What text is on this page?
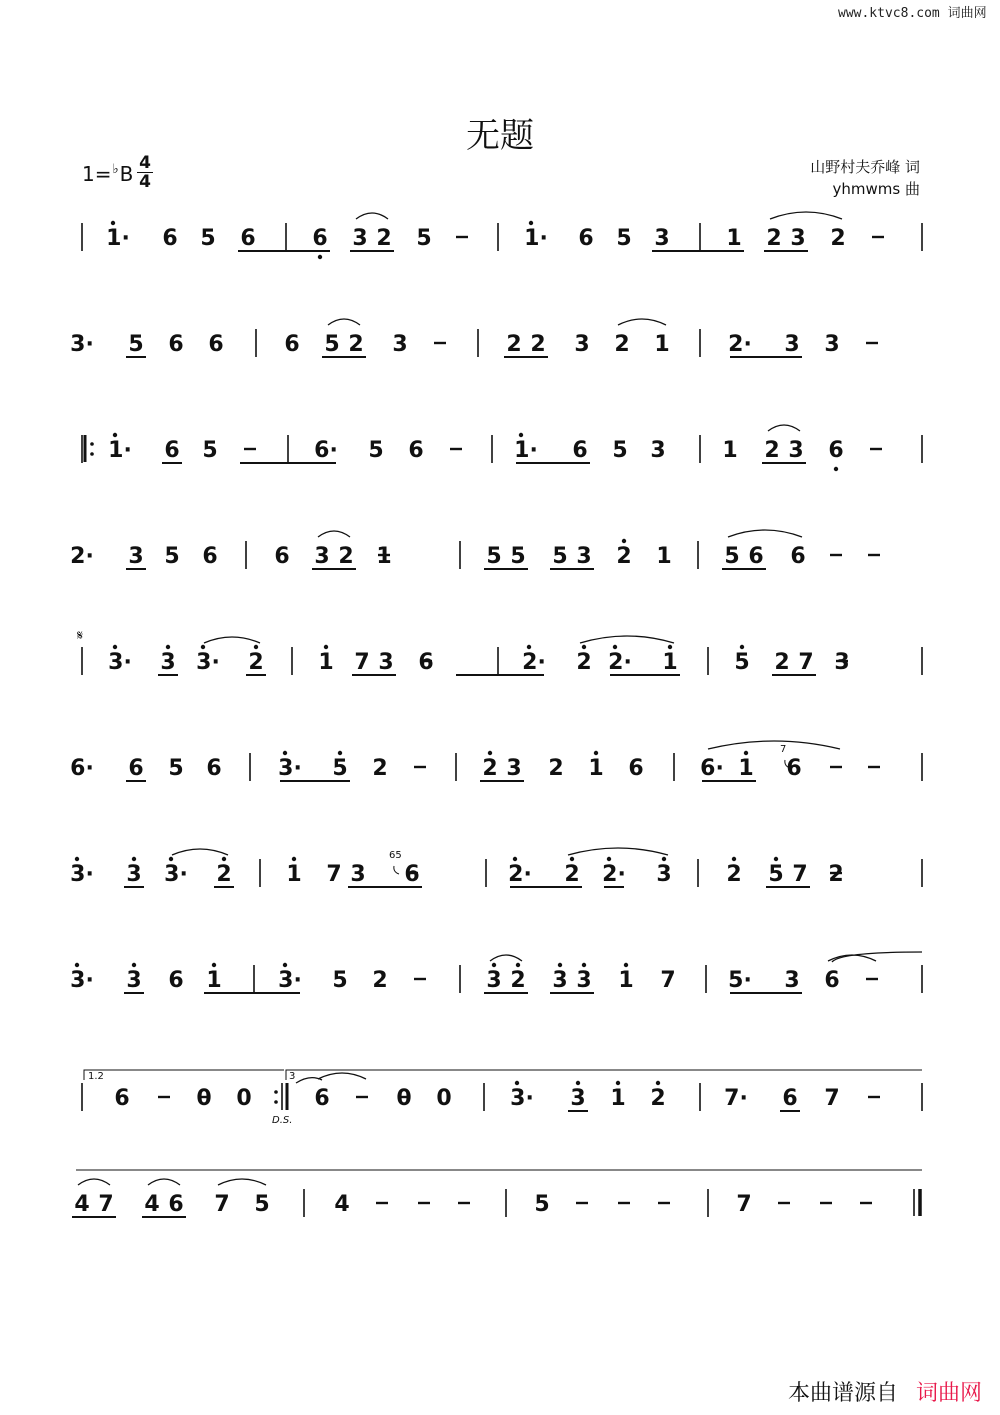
www.ktvc8.com 词曲网
无题
1=♭B 4
4
山野村夫乔峰 词
yhmwms 曲
1· 6 5 6	6 3 2 5	1· 6 5 3	1 2 3 2
3· 5 6 6	6 5 2 3	2 2 3 2 1	2· 3 3
1· 6 5	6· 5 6	1· 6 5 3	1 2 3 6
2· 3 5 6	6 3 2 1	5 5 5 3 2 1 5 6 6
3· 3 3· 2 1 7 3 6	2· 2 2· 1	5 2 7 3
6· 6 5 6	3· 5 2	2 3 2 1 6	6· 1 6
3· 3 3· 2 1 7 3 6	2· 2 2· 3 2 5 7 2
3· 3 6 1	3· 5 2	3 2 3 3 1 7 5· 3 6
6	0 0	6	0 0	3· 3 1 2	7· 6 7
4 7 4 6 7 5	4	5	7
𝄋
D.S.
1.2	3
7
65
本曲谱源自 词曲网
